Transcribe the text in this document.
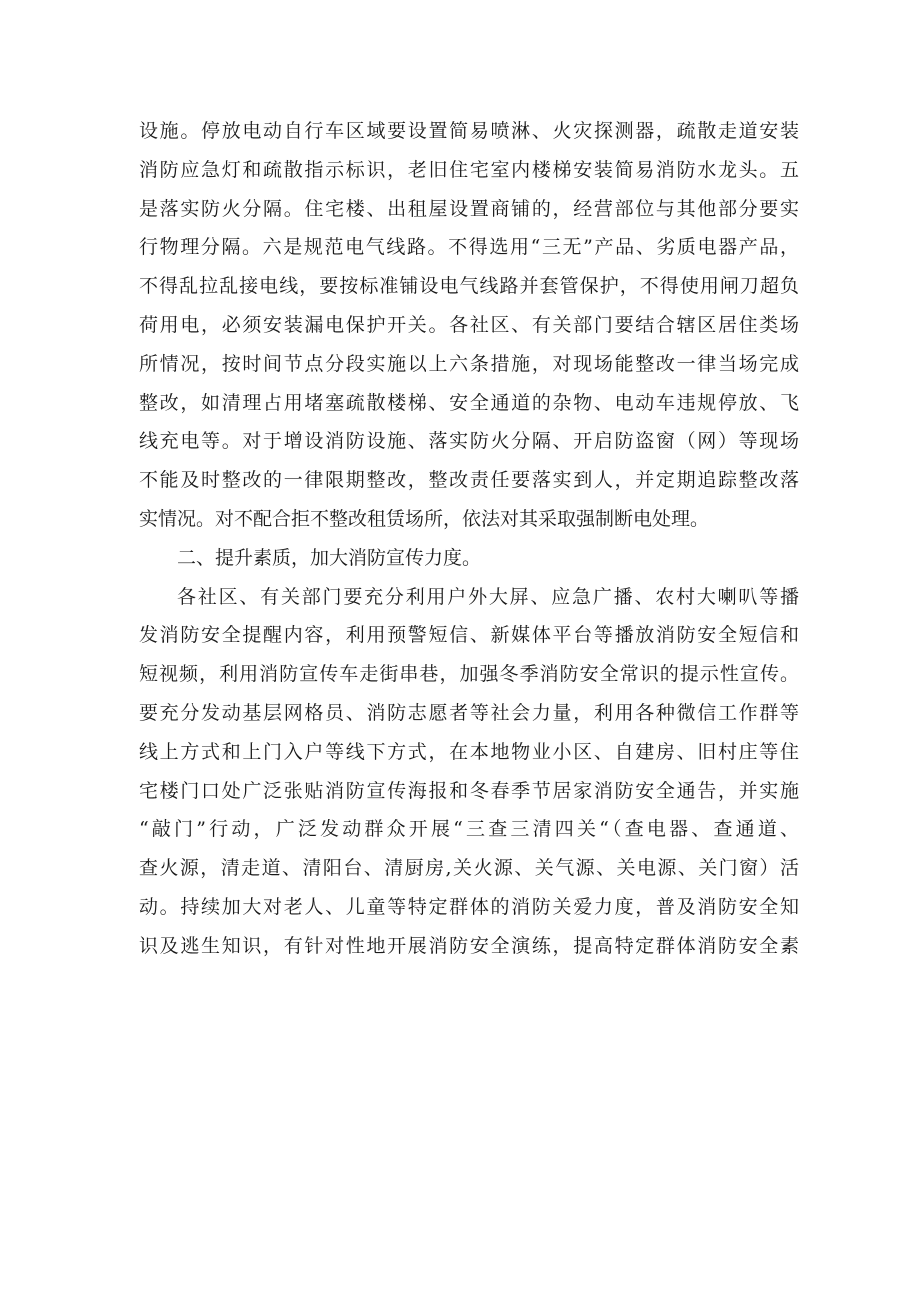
设施。停放电动自行车区域要设置简易喷淋、火灾探测器，疏散走道安装
消防应急灯和疏散指示标识，老旧住宅室内楼梯安装简易消防水龙头。五
是落实防火分隔。住宅楼、出租屋设置商铺的，经营部位与其他部分要实
行物理分隔。六是规范电气线路。不得选用“三无”产品、劣质电器产品，
不得乱拉乱接电线，要按标准铺设电气线路并套管保护，不得使用闸刀超负
荷用电，必须安装漏电保护开关。各社区、有关部门要结合辖区居住类场
所情况，按时间节点分段实施以上六条措施，对现场能整改一律当场完成
整改，如清理占用堵塞疏散楼梯、安全通道的杂物、电动车违规停放、飞
线充电等。对于增设消防设施、落实防火分隔、开启防盗窗（网）等现场
不能及时整改的一律限期整改，整改责任要落实到人，并定期追踪整改落
实情况。对不配合拒不整改租赁场所，依法对其采取强制断电处理。
二、提升素质，加大消防宣传力度。
各社区、有关部门要充分利用户外大屏、应急广播、农村大喇叭等播
发消防安全提醒内容，利用预警短信、新媒体平台等播放消防安全短信和
短视频，利用消防宣传车走街串巷，加强冬季消防安全常识的提示性宣传。
要充分发动基层网格员、消防志愿者等社会力量，利用各种微信工作群等
线上方式和上门入户等线下方式，在本地物业小区、自建房、旧村庄等住
宅楼门口处广泛张贴消防宣传海报和冬春季节居家消防安全通告，并实施
“敲门”行动，广泛发动群众开展“三查三清四关“（查电器、查通道、
查火源，清走道、清阳台、清厨房,关火源、关气源、关电源、关门窗）活
动。持续加大对老人、儿童等特定群体的消防关爱力度，普及消防安全知
识及逃生知识，有针对性地开展消防安全演练，提高特定群体消防安全素
